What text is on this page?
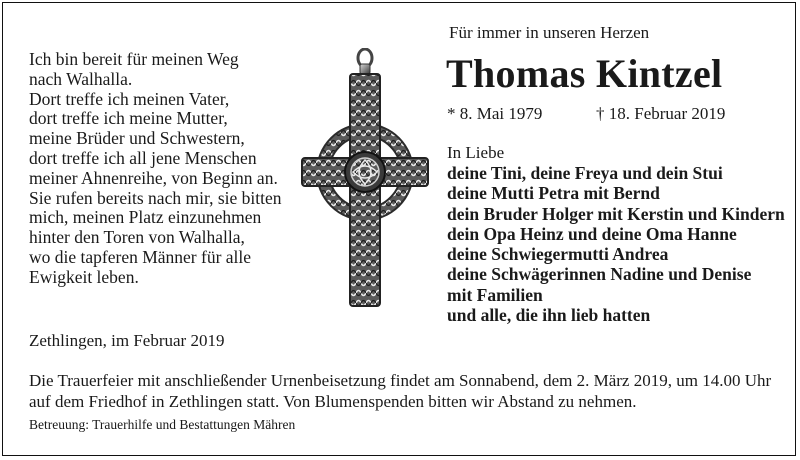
Ich bin bereit für meinen Weg
nach Walhalla.
Dort treffe ich meinen Vater,
dort treffe ich meine Mutter,
meine Brüder und Schwestern,
dort treffe ich all jene Menschen
meiner Ahnenreihe, von Beginn an.
Sie rufen bereits nach mir, sie bitten
mich, meinen Platz einzunehmen
hinter den Toren von Walhalla,
wo die tapferen Männer für alle
Ewigkeit leben.
Für immer in unseren Herzen
Thomas Kintzel
* 8. Mai 1979	† 18. Februar 2019
In Liebe
deine Tini, deine Freya und dein Stui
deine Mutti Petra mit Bernd
dein Bruder Holger mit Kerstin und Kindern
dein Opa Heinz und deine Oma Hanne
deine Schwiegermutti Andrea
deine Schwägerinnen Nadine und Denise
mit Familien
und alle, die ihn lieb hatten
Zethlingen, im Februar 2019
Die Trauerfeier mit anschließender Urnenbeisetzung findet am Sonnabend, dem 2. März 2019, um 14.00 Uhr
auf dem Friedhof in Zethlingen statt. Von Blumenspenden bitten wir Abstand zu nehmen.
Betreuung: Trauerhilfe und Bestattungen Mähren
